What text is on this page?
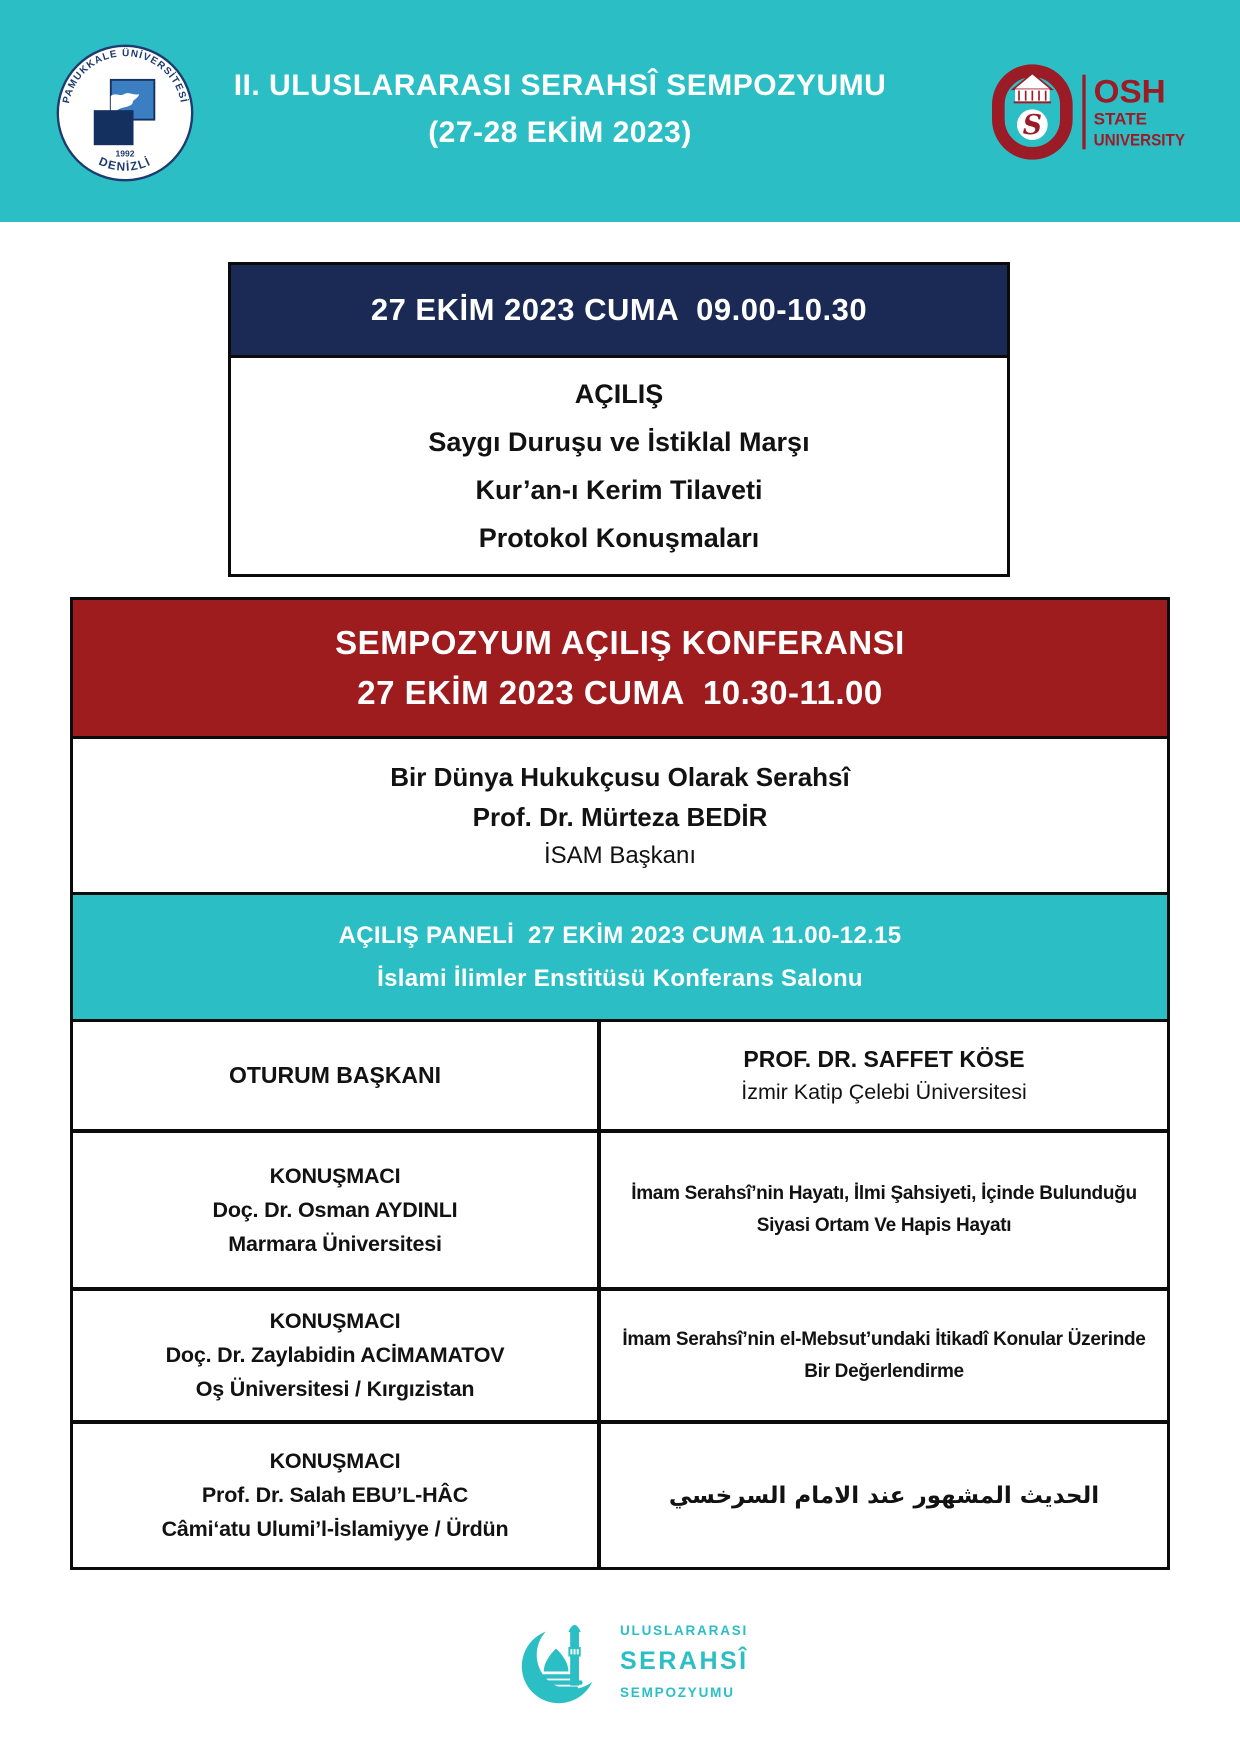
PAMUKKALE ÜNİVERSİTESİ
1992
DENİZLİ
II. ULUSLARARASI SERAHSÎ SEMPOZYUMU
(27-28 EKİM 2023)	S
OSH
STATE
UNIVERSITY
27 EKİM 2023 CUMA  09.00-10.30
AÇILIŞ
Saygı Duruşu ve İstiklal Marşı
Kur’an-ı Kerim Tilaveti
Protokol Konuşmaları
SEMPOZYUM AÇILIŞ KONFERANSI
27 EKİM 2023 CUMA  10.30-11.00
Bir Dünya Hukukçusu Olarak Serahsî
Prof. Dr. Mürteza BEDİR
İSAM Başkanı
AÇILIŞ PANELİ  27 EKİM 2023 CUMA 11.00-12.15
İslami İlimler Enstitüsü Konferans Salonu
OTURUM BAŞKANI
PROF. DR. SAFFET KÖSE
İzmir Katip Çelebi Üniversitesi
KONUŞMACI
Doç. Dr. Osman AYDINLI
Marmara Üniversitesi
İmam Serahsî’nin Hayatı, İlmi Şahsiyeti, İçinde Bulunduğu Siyasi Ortam Ve Hapis Hayatı
KONUŞMACI
Doç. Dr. Zaylabidin ACİMAMATOV
Oş Üniversitesi / Kırgızistan
İmam Serahsî’nin el-Mebsut’undaki İtikadî Konular Üzerinde Bir Değerlendirme
KONUŞMACI
Prof. Dr. Salah EBU’L-HÂC
Câmi‘atu Ulumi’l-İslamiyye / Ürdün
الحديث المشهور عند الامام السرخسي
ULUSLARARASI
SERAHSÎ
SEMPOZYUMU
